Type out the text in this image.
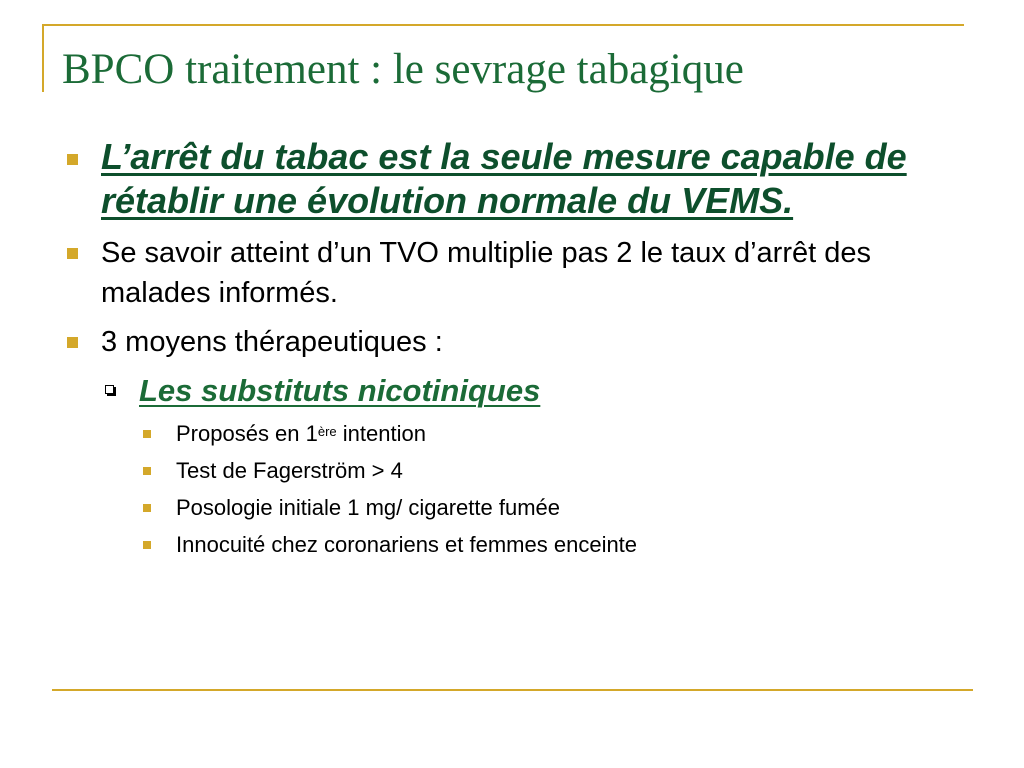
BPCO traitement : le sevrage tabagique
L’arrêt du tabac est la seule mesure capable de rétablir une évolution normale du VEMS.
Se savoir atteint d’un TVO multiplie pas 2 le taux d’arrêt des malades informés.
3 moyens thérapeutiques :
Les substituts nicotiniques
Proposés en 1ère intention
Test de Fagerström > 4
Posologie initiale 1 mg/ cigarette fumée
Innocuité chez coronariens et femmes enceinte
